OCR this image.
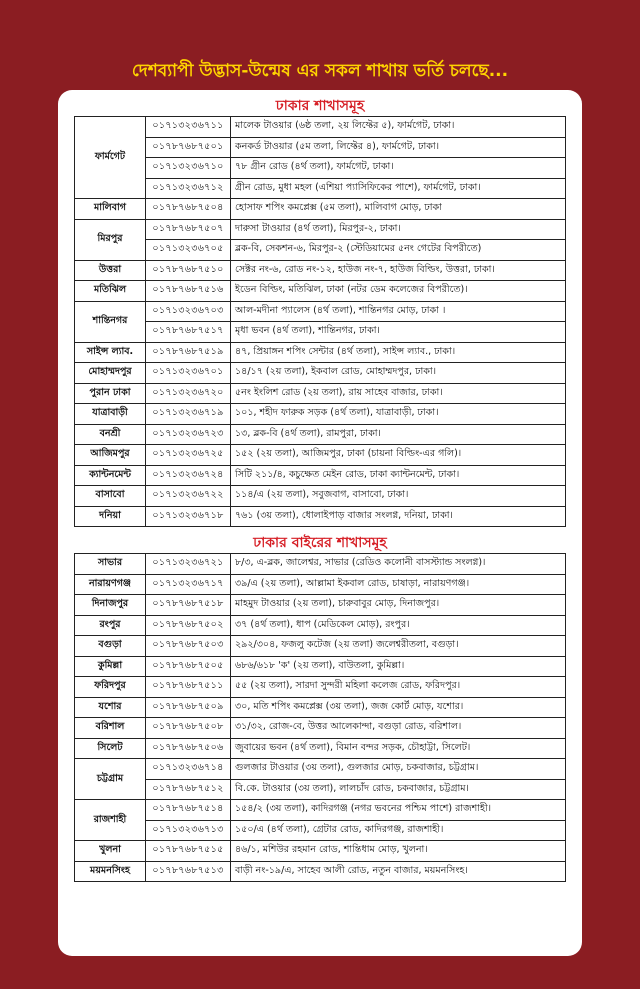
দেশব্যাপী উদ্ভাস-উন্মেষ এর সকল শাখায় ভর্তি চলছে...
ঢাকার শাখাসমূহ
ফার্মগেট	০১৭১৩২৩৬৭১১	মালেক টাওয়ার (৬ষ্ঠ তলা, ২য় লিফ্টের ৫), ফার্মগেট, ঢাকা।
	০১৭৮৭৬৮৭৫০১	কনকর্ড টাওয়ার (৫ম তলা, লিফ্টের ৪), ফার্মগেট, ঢাকা।
	০১৭১৩২৩৬৭১০	৭৮ গ্রীন রোড (৪র্থ তলা), ফার্মগেট, ঢাকা।
	০১৭১৩২৩৬৭১২	গ্রীন রোড, মুধা মহল (এশিয়া প্যাসিফিকের পাশে), ফার্মগেট, ঢাকা।
মালিবাগ	০১৭৮৭৬৮৭৫০৪	হোসাফ শপিং কমপ্লেক্স (৫ম তলা), মালিবাগ মোড়, ঢাকা
মিরপুর	০১৭৮৭৬৮৭৫০৭	দারুসা টাওয়ার (৪র্থ তলা), মিরপুর-২, ঢাকা।
	০১৭১৩২৩৬৭০৫	ব্লক-বি, সেকশন-৬, মিরপুর-২ (স্টেডিয়ামের ৫নং গেটের বিপরীতে)
উত্তরা	০১৭৮৭৬৮৭৫১০	সেক্টর নং-৬, রোড নং-১২, হাউজ নং-৭, হাউজ বিল্ডিং, উত্তরা, ঢাকা।
মতিঝিল	০১৭৮৭৬৮৭৫১৬	ইডেন বিল্ডিং, মতিঝিল, ঢাকা (নটর ডেম কলেজের বিপরীতে)।
শান্তিনগর	০১৭১৩২৩৬৭০৩	আল-মদীনা প্যালেস (৪র্থ তলা), শান্তিনগর মোড়, ঢাকা ।
	০১৭৮৭৬৮৭৫১৭	মৃধা ভবন (৪র্থ তলা), শান্তিনগর, ঢাকা।
সাইন্স ল্যাব.	০১৭৮৭৬৮৭৫১৯	৪৭, প্রিয়াঙ্গন শপিং সেন্টার (৪র্থ তলা), সাইন্স ল্যাব., ঢাকা।
মোহাম্মদপুর	০১৭১৩২৩৬৭০১	১৪/১৭ (২য় তলা), ইকবাল রোড, মোহাম্মদপুর, ঢাকা।
পুরান ঢাকা	০১৭১৩২৩৬৭২০	৫নং ইংলিশ রোড (২য় তলা), রায় সাহেব বাজার, ঢাকা।
যাত্রাবাড়ী	০১৭১৩২৩৬৭১৯	১০১, শহীদ ফারুক সড়ক (৪র্থ তলা), যাত্রাবাড়ী, ঢাকা।
বনশ্রী	০১৭১৩২৩৬৭২৩	১৩, ব্লক-বি (৪র্থ তলা), রামপুরা, ঢাকা।
আজিমপুর	০১৭১৩২৩৬৭২৫	১৫২ (২য় তলা), আজিমপুর, ঢাকা (চায়না বিল্ডিং-এর গলি)।
ক্যান্টনমেন্ট	০১৭১৩২৩৬৭২৪	সিটি ২১১/৪, কচুক্ষেত মেইন রোড, ঢাকা ক্যান্টনমেন্ট, ঢাকা।
বাসাবো	০১৭১৩২৩৬৭২২	১১৪/এ (২য় তলা), সবুজবাগ, বাসাবো, ঢাকা।
দনিয়া	০১৭১৩২৩৬৭১৮	৭৬১ (৩য় তলা), ধোলাইপাড় বাজার সংলগ্ন, দনিয়া, ঢাকা।
ঢাকার বাইরের শাখাসমূহ
সাভার	০১৭১৩২৩৬৭২১	৮/৩, এ-ব্লক, জালেশ্বর, সাভার (রেডিও কলোনী বাসস্ট্যান্ড সংলগ্ন)।
নারায়ণগঞ্জ	০১৭১৩২৩৬৭১৭	৩৯/এ (২য় তলা), আল্লামা ইকবাল রোড, চাষাড়া, নারায়ণগঞ্জ।
দিনাজপুর	০১৭৮৭৬৮৭৫১৮	মাহমুদ টাওয়ার (২য় তলা), চারুবাবুর মোড়, দিনাজপুর।
রংপুর	০১৭৮৭৬৮৭৫০২	৩৭ (৪র্থ তলা), ধাপ (মেডিকেল মোড়), রংপুর।
বগুড়া	০১৭৮৭৬৮৭৫০৩	২৯২/৩০৪, ফজলু কটেজ (২য় তলা) জলেশ্বরীতলা, বগুড়া।
কুমিল্লা	০১৭৮৭৬৮৭৫০৫	৬৮৬/৬১৮ 'ক' (২য় তলা), বাউতলা, কুমিল্লা।
ফরিদপুর	০১৭৮৭৬৮৭৫১১	৫৫ (২য় তলা), সারদা সুন্দরী মহিলা কলেজ রোড, ফরিদপুর।
যশোর	০১৭৮৭৬৮৭৫০৯	৩০, মতি শপিং কমপ্লেক্স (৩য় তলা), জজ কোর্ট মোড়, যশোর।
বরিশাল	০১৭৮৭৬৮৭৫০৮	৩১/৩২, রোজ-বে, উত্তর আলেকান্দা, বগুড়া রোড, বরিশাল।
সিলেট	০১৭৮৭৬৮৭৫০৬	জুবায়ের ভবন (৪র্থ তলা), বিমান বন্দর সড়ক, চৌহাট্টা, সিলেট।
চট্টগ্রাম	০১৭১৩২৩৬৭১৪	গুলজার টাওয়ার (৩য় তলা), গুলজার মোড়, চকবাজার, চট্টগ্রাম।
	০১৭৮৭৬৮৭৫১২	বি.কে. টাওয়ার (৩য় তলা), লালচাঁদ রোড, চকবাজার, চট্টগ্রাম।
রাজশাহী	০১৭৮৭৬৮৭৫১৪	১৫৪/২ (৩য় তলা), কাদিরগঞ্জ (নগর ভবনের পশ্চিম পাশে) রাজশাহী।
	০১৭১৩২৩৬৭১৩	১৫০/এ (৪র্থ তলা), গ্রেটার রোড, কাদিরগঞ্জ, রাজশাহী।
খুলনা	০১৭৮৭৬৮৭৫১৫	৪৬/১, মশিউর রহমান রোড, শান্তিধাম মোড়, খুলনা।
ময়মনসিংহ	০১৭৮৭৬৮৭৫১৩	বাড়ী নং-১৯/এ, সাহেব আলী রোড, নতুন বাজার, ময়মনসিংহ।
